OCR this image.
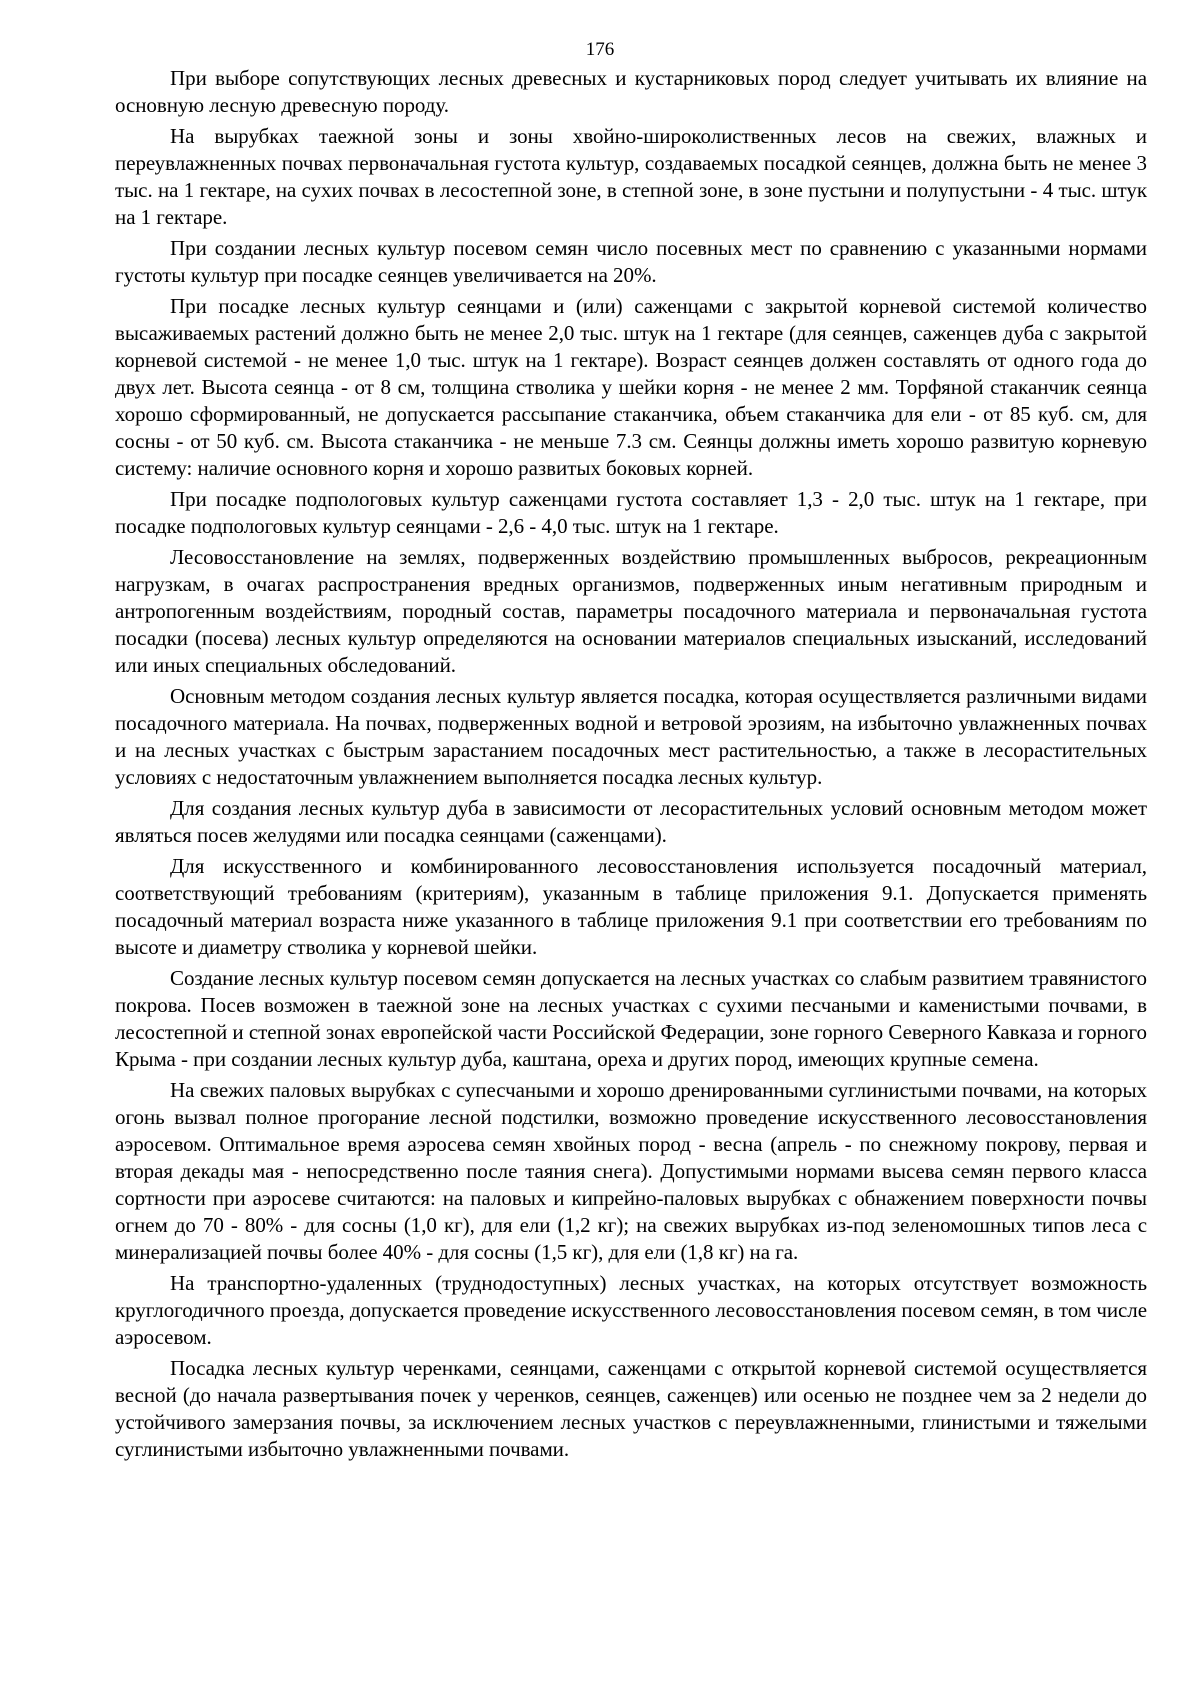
176

При выборе сопутствующих лесных древесных и кустарниковых пород следует учитывать их влияние на основную лесную древесную породу.

На вырубках таежной зоны и зоны хвойно-широколиственных лесов на свежих, влажных и переувлажненных почвах первоначальная густота культур, создаваемых посадкой сеянцев, должна быть не менее 3 тыс. на 1 гектаре, на сухих почвах в лесостепной зоне, в степной зоне, в зоне пустыни и полупустыни - 4 тыс. штук на 1 гектаре.

При создании лесных культур посевом семян число посевных мест по сравнению с указанными нормами густоты культур при посадке сеянцев увеличивается на 20%.

При посадке лесных культур сеянцами и (или) саженцами с закрытой корневой системой количество высаживаемых растений должно быть не менее 2,0 тыс. штук на 1 гектаре (для сеянцев, саженцев дуба с закрытой корневой системой - не менее 1,0 тыс. штук на 1 гектаре). Возраст сеянцев должен составлять от одного года до двух лет. Высота сеянца - от 8 см, толщина стволика у шейки корня - не менее 2 мм. Торфяной стаканчик сеянца хорошо сформированный, не допускается рассыпание стаканчика, объем стаканчика для ели - от 85 куб. см, для сосны - от 50 куб. см. Высота стаканчика - не меньше 7.3 см. Сеянцы должны иметь хорошо развитую корневую систему: наличие основного корня и хорошо развитых боковых корней.

При посадке подпологовых культур саженцами густота составляет 1,3 - 2,0 тыс. штук на 1 гектаре, при посадке подпологовых культур сеянцами - 2,6 - 4,0 тыс. штук на 1 гектаре.

Лесовосстановление на землях, подверженных воздействию промышленных выбросов, рекреационным нагрузкам, в очагах распространения вредных организмов, подверженных иным негативным природным и антропогенным воздействиям, породный состав, параметры посадочного материала и первоначальная густота посадки (посева) лесных культур определяются на основании материалов специальных изысканий, исследований или иных специальных обследований.

Основным методом создания лесных культур является посадка, которая осуществляется различными видами посадочного материала. На почвах, подверженных водной и ветровой эрозиям, на избыточно увлажненных почвах и на лесных участках с быстрым зарастанием посадочных мест растительностью, а также в лесорастительных условиях с недостаточным увлажнением выполняется посадка лесных культур.

Для создания лесных культур дуба в зависимости от лесорастительных условий основным методом может являться посев желудями или посадка сеянцами (саженцами).

Для искусственного и комбинированного лесовосстановления используется посадочный материал, соответствующий требованиям (критериям), указанным в таблице приложения 9.1. Допускается применять посадочный материал возраста ниже указанного в таблице приложения 9.1 при соответствии его требованиям по высоте и диаметру стволика у корневой шейки.

Создание лесных культур посевом семян допускается на лесных участках со слабым развитием травянистого покрова. Посев возможен в таежной зоне на лесных участках с сухими песчаными и каменистыми почвами, в лесостепной и степной зонах европейской части Российской Федерации, зоне горного Северного Кавказа и горного Крыма - при создании лесных культур дуба, каштана, ореха и других пород, имеющих крупные семена.

На свежих паловых вырубках с супесчаными и хорошо дренированными суглинистыми почвами, на которых огонь вызвал полное прогорание лесной подстилки, возможно проведение искусственного лесовосстановления аэросевом. Оптимальное время аэросева семян хвойных пород - весна (апрель - по снежному покрову, первая и вторая декады мая - непосредственно после таяния снега). Допустимыми нормами высева семян первого класса сортности при аэросеве считаются: на паловых и кипрейно-паловых вырубках с обнажением поверхности почвы огнем до 70 - 80% - для сосны (1,0 кг), для ели (1,2 кг); на свежих вырубках из-под зеленомошных типов леса с минерализацией почвы более 40% - для сосны (1,5 кг), для ели (1,8 кг) на га.

На транспортно-удаленных (труднодоступных) лесных участках, на которых отсутствует возможность круглогодичного проезда, допускается проведение искусственного лесовосстановления посевом семян, в том числе аэросевом.

Посадка лесных культур черенками, сеянцами, саженцами с открытой корневой системой осуществляется весной (до начала развертывания почек у черенков, сеянцев, саженцев) или осенью не позднее чем за 2 недели до устойчивого замерзания почвы, за исключением лесных участков с переувлажненными, глинистыми и тяжелыми суглинистыми избыточно увлажненными почвами.
